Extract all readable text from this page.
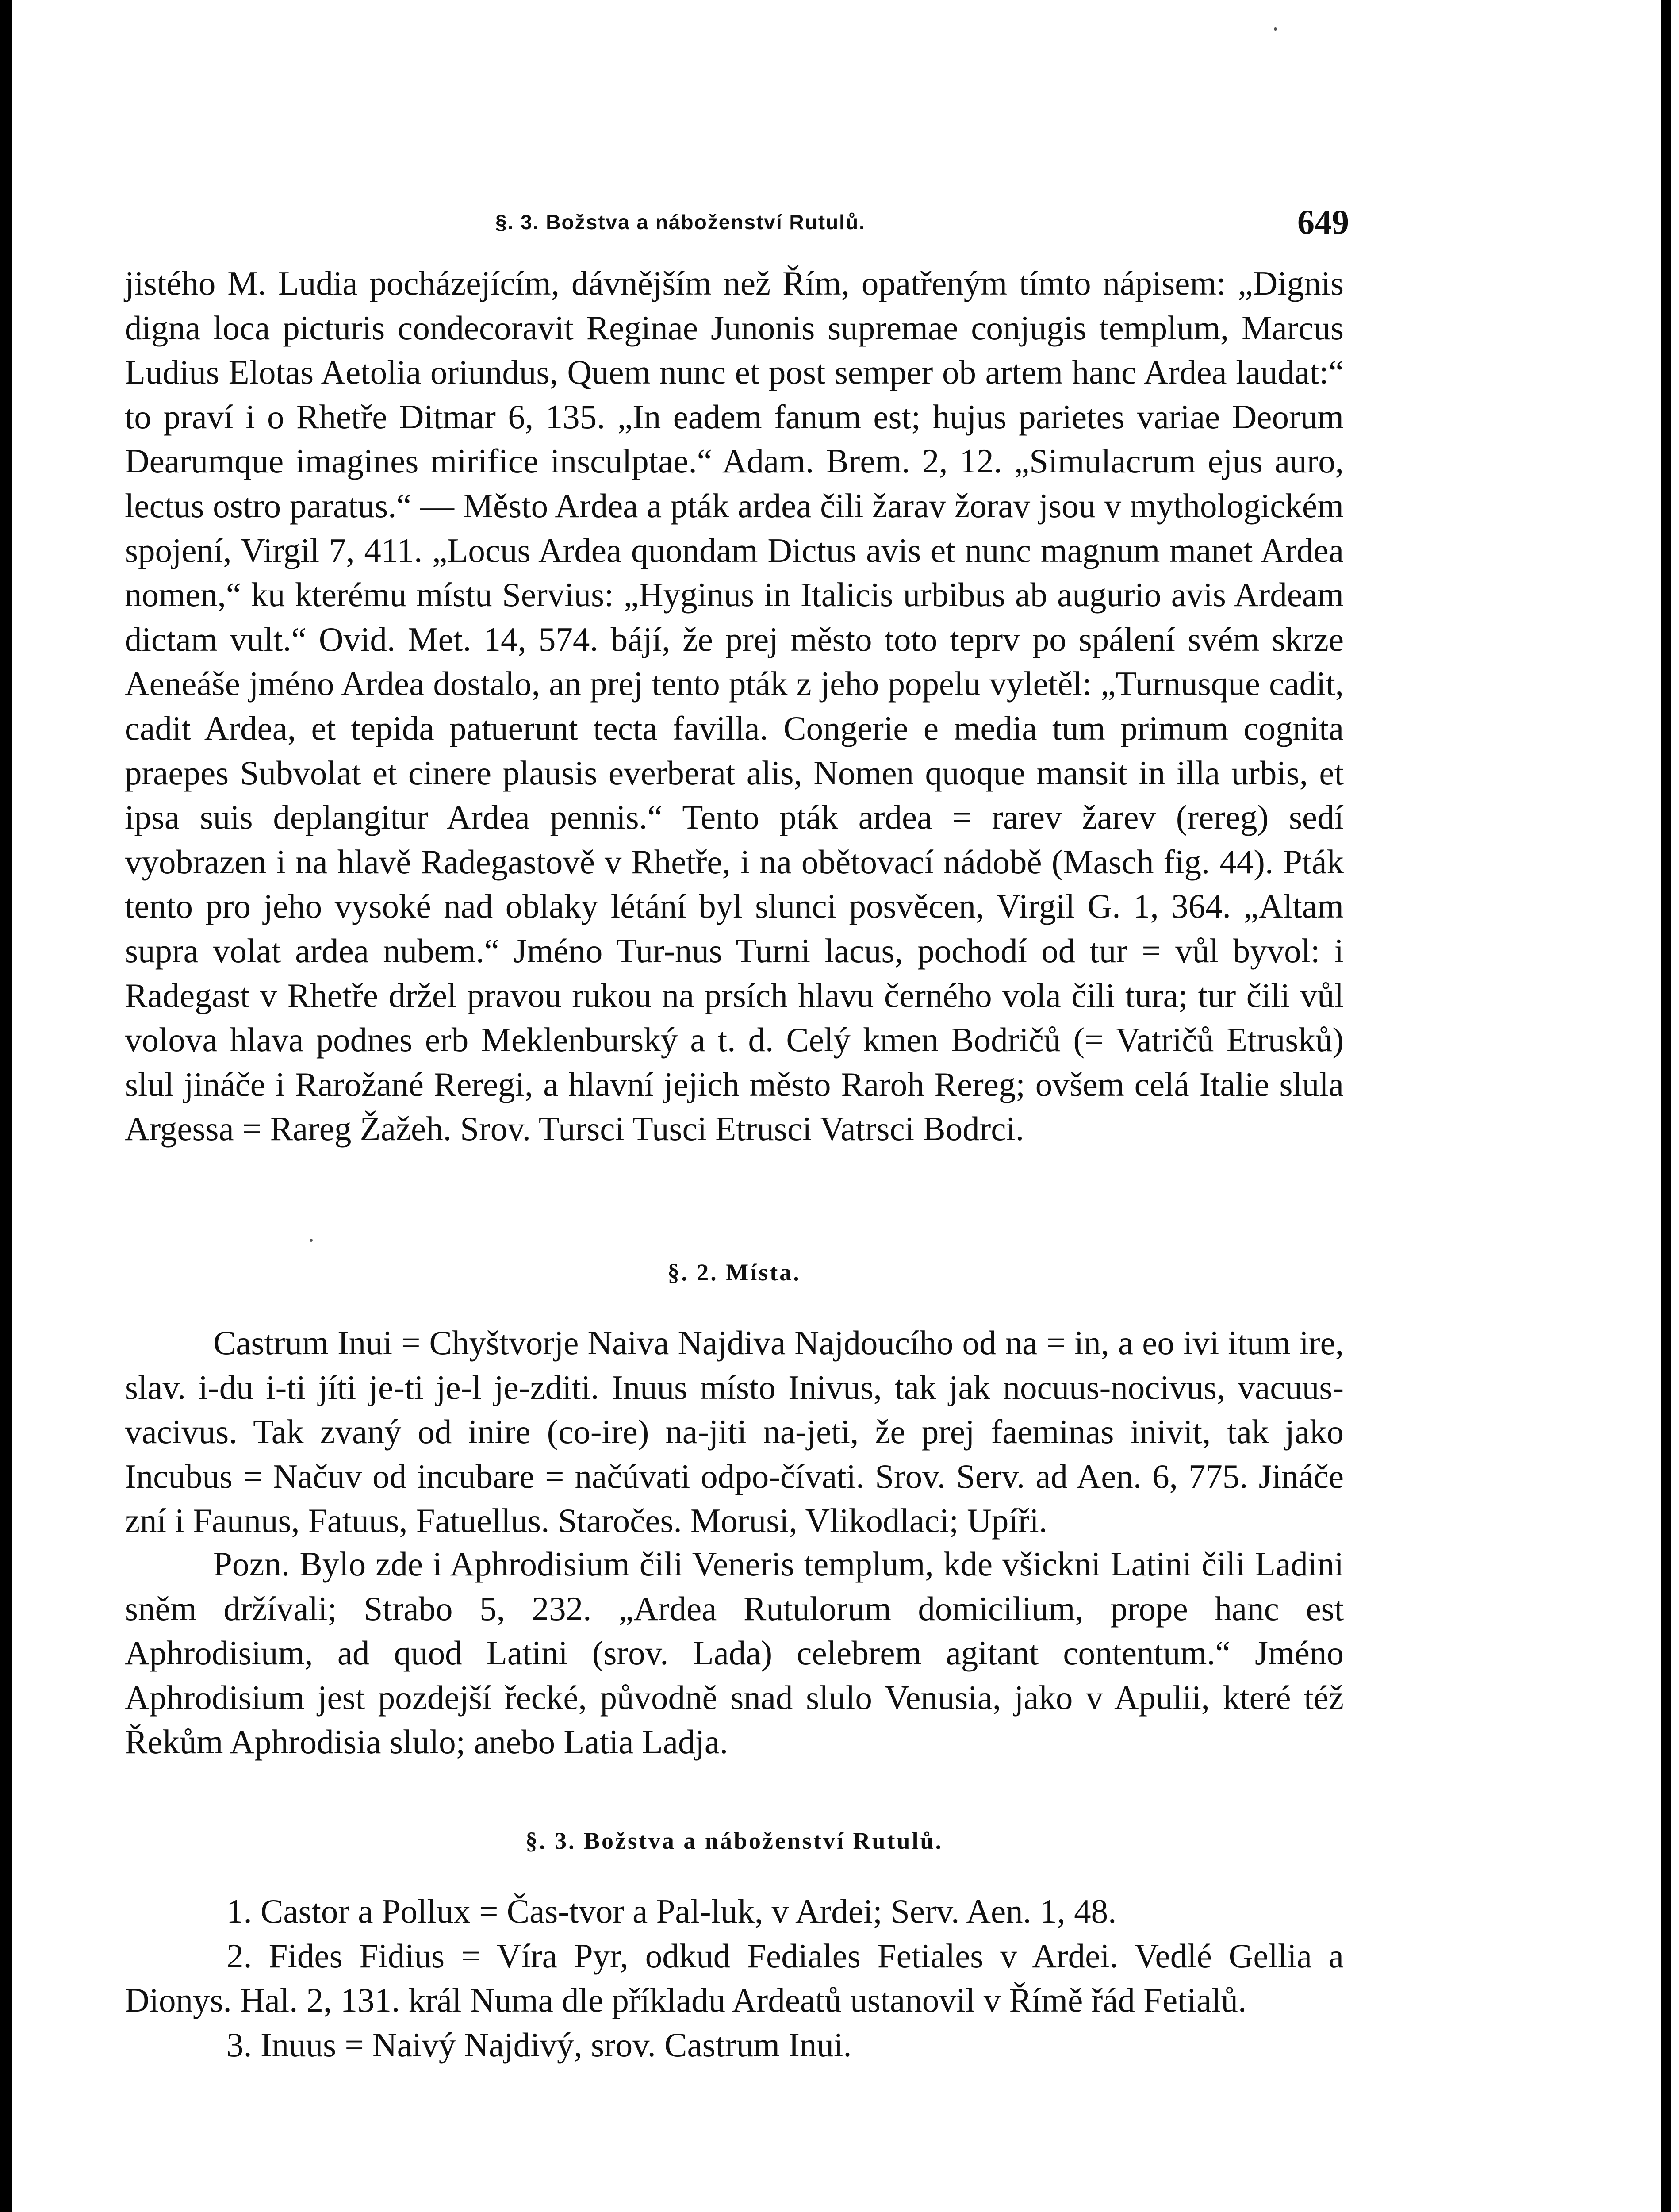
§. 3. Božstva a náboženství Rutulů.	649
jistého M. Ludia pocházejícím, dávnějším než Řím, opatřeným tímto nápisem: „Dignis digna loca picturis condecoravit Reginae Junonis supremae conjugis templum, Marcus Ludius Elotas Aetolia oriundus, Quem nunc et post semper ob artem hanc Ardea laudat:“ to praví i o Rhetře Ditmar 6, 135. „In eadem fanum est; hujus parietes variae Deorum Dearumque imagines mirifice insculptae.“ Adam. Brem. 2, 12. „Simulacrum ejus auro, lectus ostro paratus.“ — Město Ardea a pták ardea čili žarav žorav jsou v mythologickém spojení, Virgil 7, 411. „Locus Ardea quondam Dictus avis et nunc magnum manet Ardea nomen,“ ku kterému místu Servius: „Hyginus in Italicis urbibus ab augurio avis Ardeam dictam vult.“ Ovid. Met. 14, 574. bájí, že prej město toto teprv po spálení svém skrze Aeneáše jméno Ardea dostalo, an prej tento pták z jeho popelu vyletěl: „Turnusque cadit, cadit Ardea, et tepida patuerunt tecta favilla. Congerie e media tum primum cognita praepes Subvolat et cinere plausis everberat alis, Nomen quoque mansit in illa urbis, et ipsa suis deplangitur Ardea pennis.“ Tento pták ardea = rarev žarev (rereg) sedí vyobrazen i na hlavě Radegastově v Rhetře, i na obětovací nádobě (Masch fig. 44). Pták tento pro jeho vysoké nad oblaky létání byl slunci posvěcen, Virgil G. 1, 364. „Altam supra volat ardea nubem.“ Jméno Tur-nus Turni lacus, pochodí od tur = vůl byvol: i Radegast v Rhetře držel pravou rukou na prsích hlavu černého vola čili tura; tur čili vůl volova hlava podnes erb Meklenburský a t. d. Celý kmen Bodričů (= Vatričů Etrusků) slul jináče i Rarožané Reregi, a hlavní jejich město Raroh Rereg; ovšem celá Italie slula Argessa = Rareg Žažeh. Srov. Tursci Tusci Etrusci Vatrsci Bodrci.
§. 2. Místa.
Castrum Inui = Chyštvorje Naiva Najdiva Najdoucího od na = in, a eo ivi itum ire, slav. i-du i-ti jíti je-ti je-l je-zditi. Inuus místo Inivus, tak jak nocuus-nocivus, vacuus-vacivus. Tak zvaný od inire (co-ire) na-jiti na-jeti, že prej faeminas inivit, tak jako Incubus = Načuv od incubare = načúvati odpo-čívati. Srov. Serv. ad Aen. 6, 775. Jináče zní i Faunus, Fatuus, Fatuellus. Staročes. Morusi, Vlikodlaci; Upíři.
Pozn. Bylo zde i Aphrodisium čili Veneris templum, kde všickni Latini čili Ladini sněm držívali; Strabo 5, 232. „Ardea Rutulorum domicilium, prope hanc est Aphrodisium, ad quod Latini (srov. Lada) celebrem agitant contentum.“ Jméno Aphrodisium jest pozdejší řecké, původně snad slulo Venusia, jako v Apulii, které též Řekům Aphrodisia slulo; anebo Latia Ladja.
§. 3. Božstva a náboženství Rutulů.
1. Castor a Pollux = Čas-tvor a Pal-luk, v Ardei; Serv. Aen. 1, 48.
2. Fides Fidius = Víra Pyr, odkud Fediales Fetiales v Ardei. Vedlé Gellia a Dionys. Hal. 2, 131. král Numa dle příkladu Ardeatů ustanovil v Římě řád Fetialů.
3. Inuus = Naivý Najdivý, srov. Castrum Inui.
